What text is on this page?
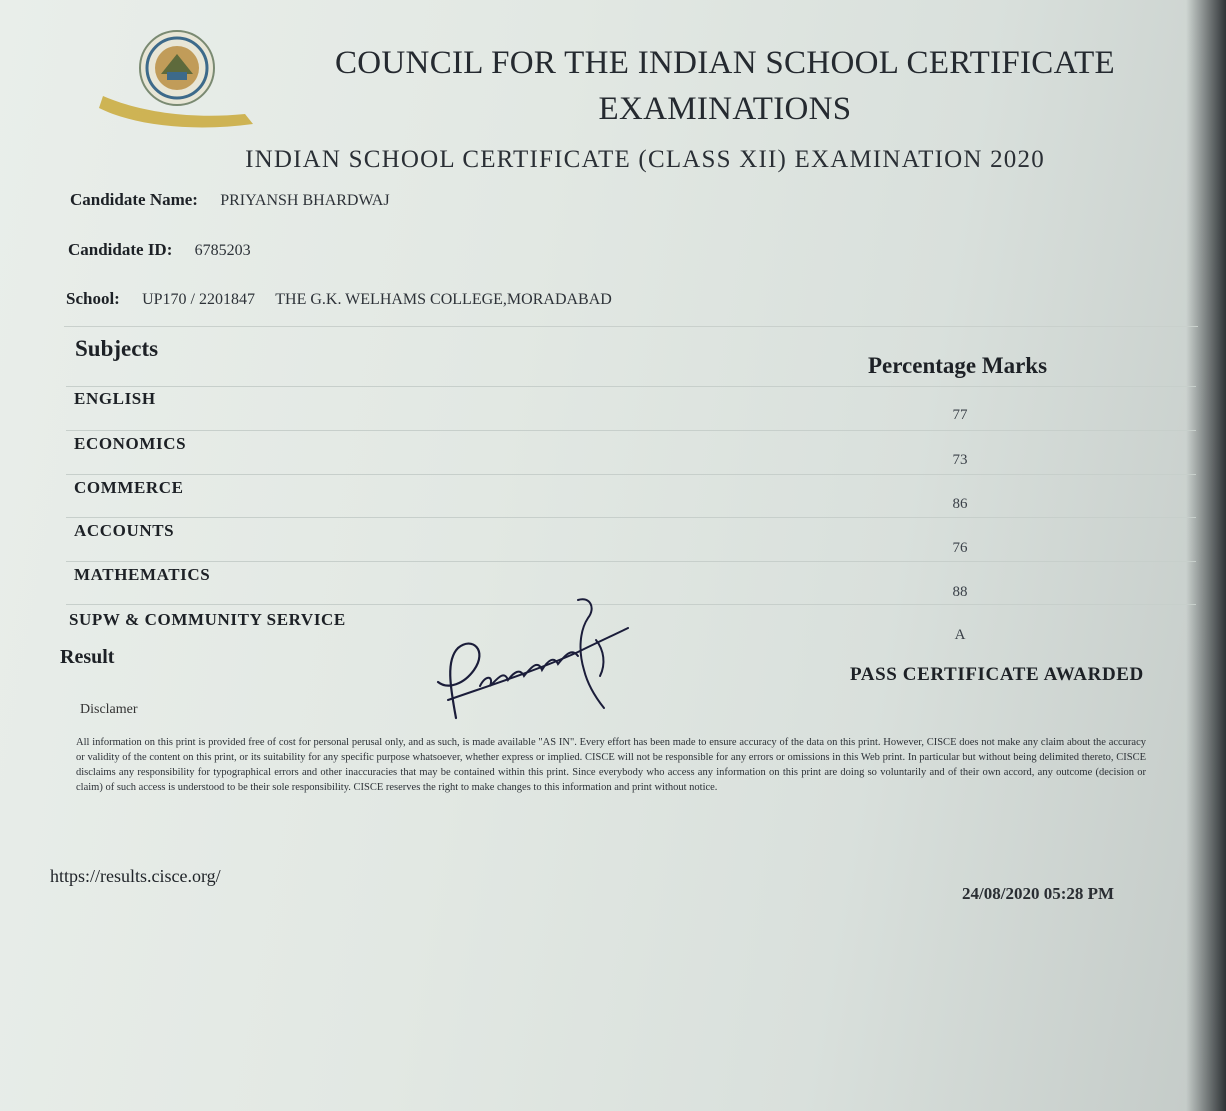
COUNCIL FOR THE INDIAN SCHOOL CERTIFICATE
EXAMINATIONS
INDIAN SCHOOL CERTIFICATE (CLASS XII) EXAMINATION 2020
Candidate Name: PRIYANSH BHARDWAJ
Candidate ID: 6785203
School: UP170 / 2201847 THE G.K. WELHAMS COLLEGE,MORADABAD
Subjects
Percentage Marks
ENGLISH
77
ECONOMICS
73
COMMERCE
86
ACCOUNTS
76
MATHEMATICS
88
SUPW & COMMUNITY SERVICE
A
Result
PASS CERTIFICATE AWARDED
Disclamer
All information on this print is provided free of cost for personal perusal only, and as such, is made available "AS IN". Every effort has been made to ensure accuracy of the data on this print. However, CISCE does not make any claim about the accuracy or validity of the content on this print, or its suitability for any specific purpose whatsoever, whether express or implied. CISCE will not be responsible for any errors or omissions in this Web print. In particular but without being delimited thereto, CISCE disclaims any responsibility for typographical errors and other inaccuracies that may be contained within this print. Since everybody who access any information on this print are doing so voluntarily and of their own accord, any outcome (decision or claim) of such access is understood to be their sole responsibility. CISCE reserves the right to make changes to this information and print without notice.
https://results.cisce.org/
24/08/2020 05:28 PM
